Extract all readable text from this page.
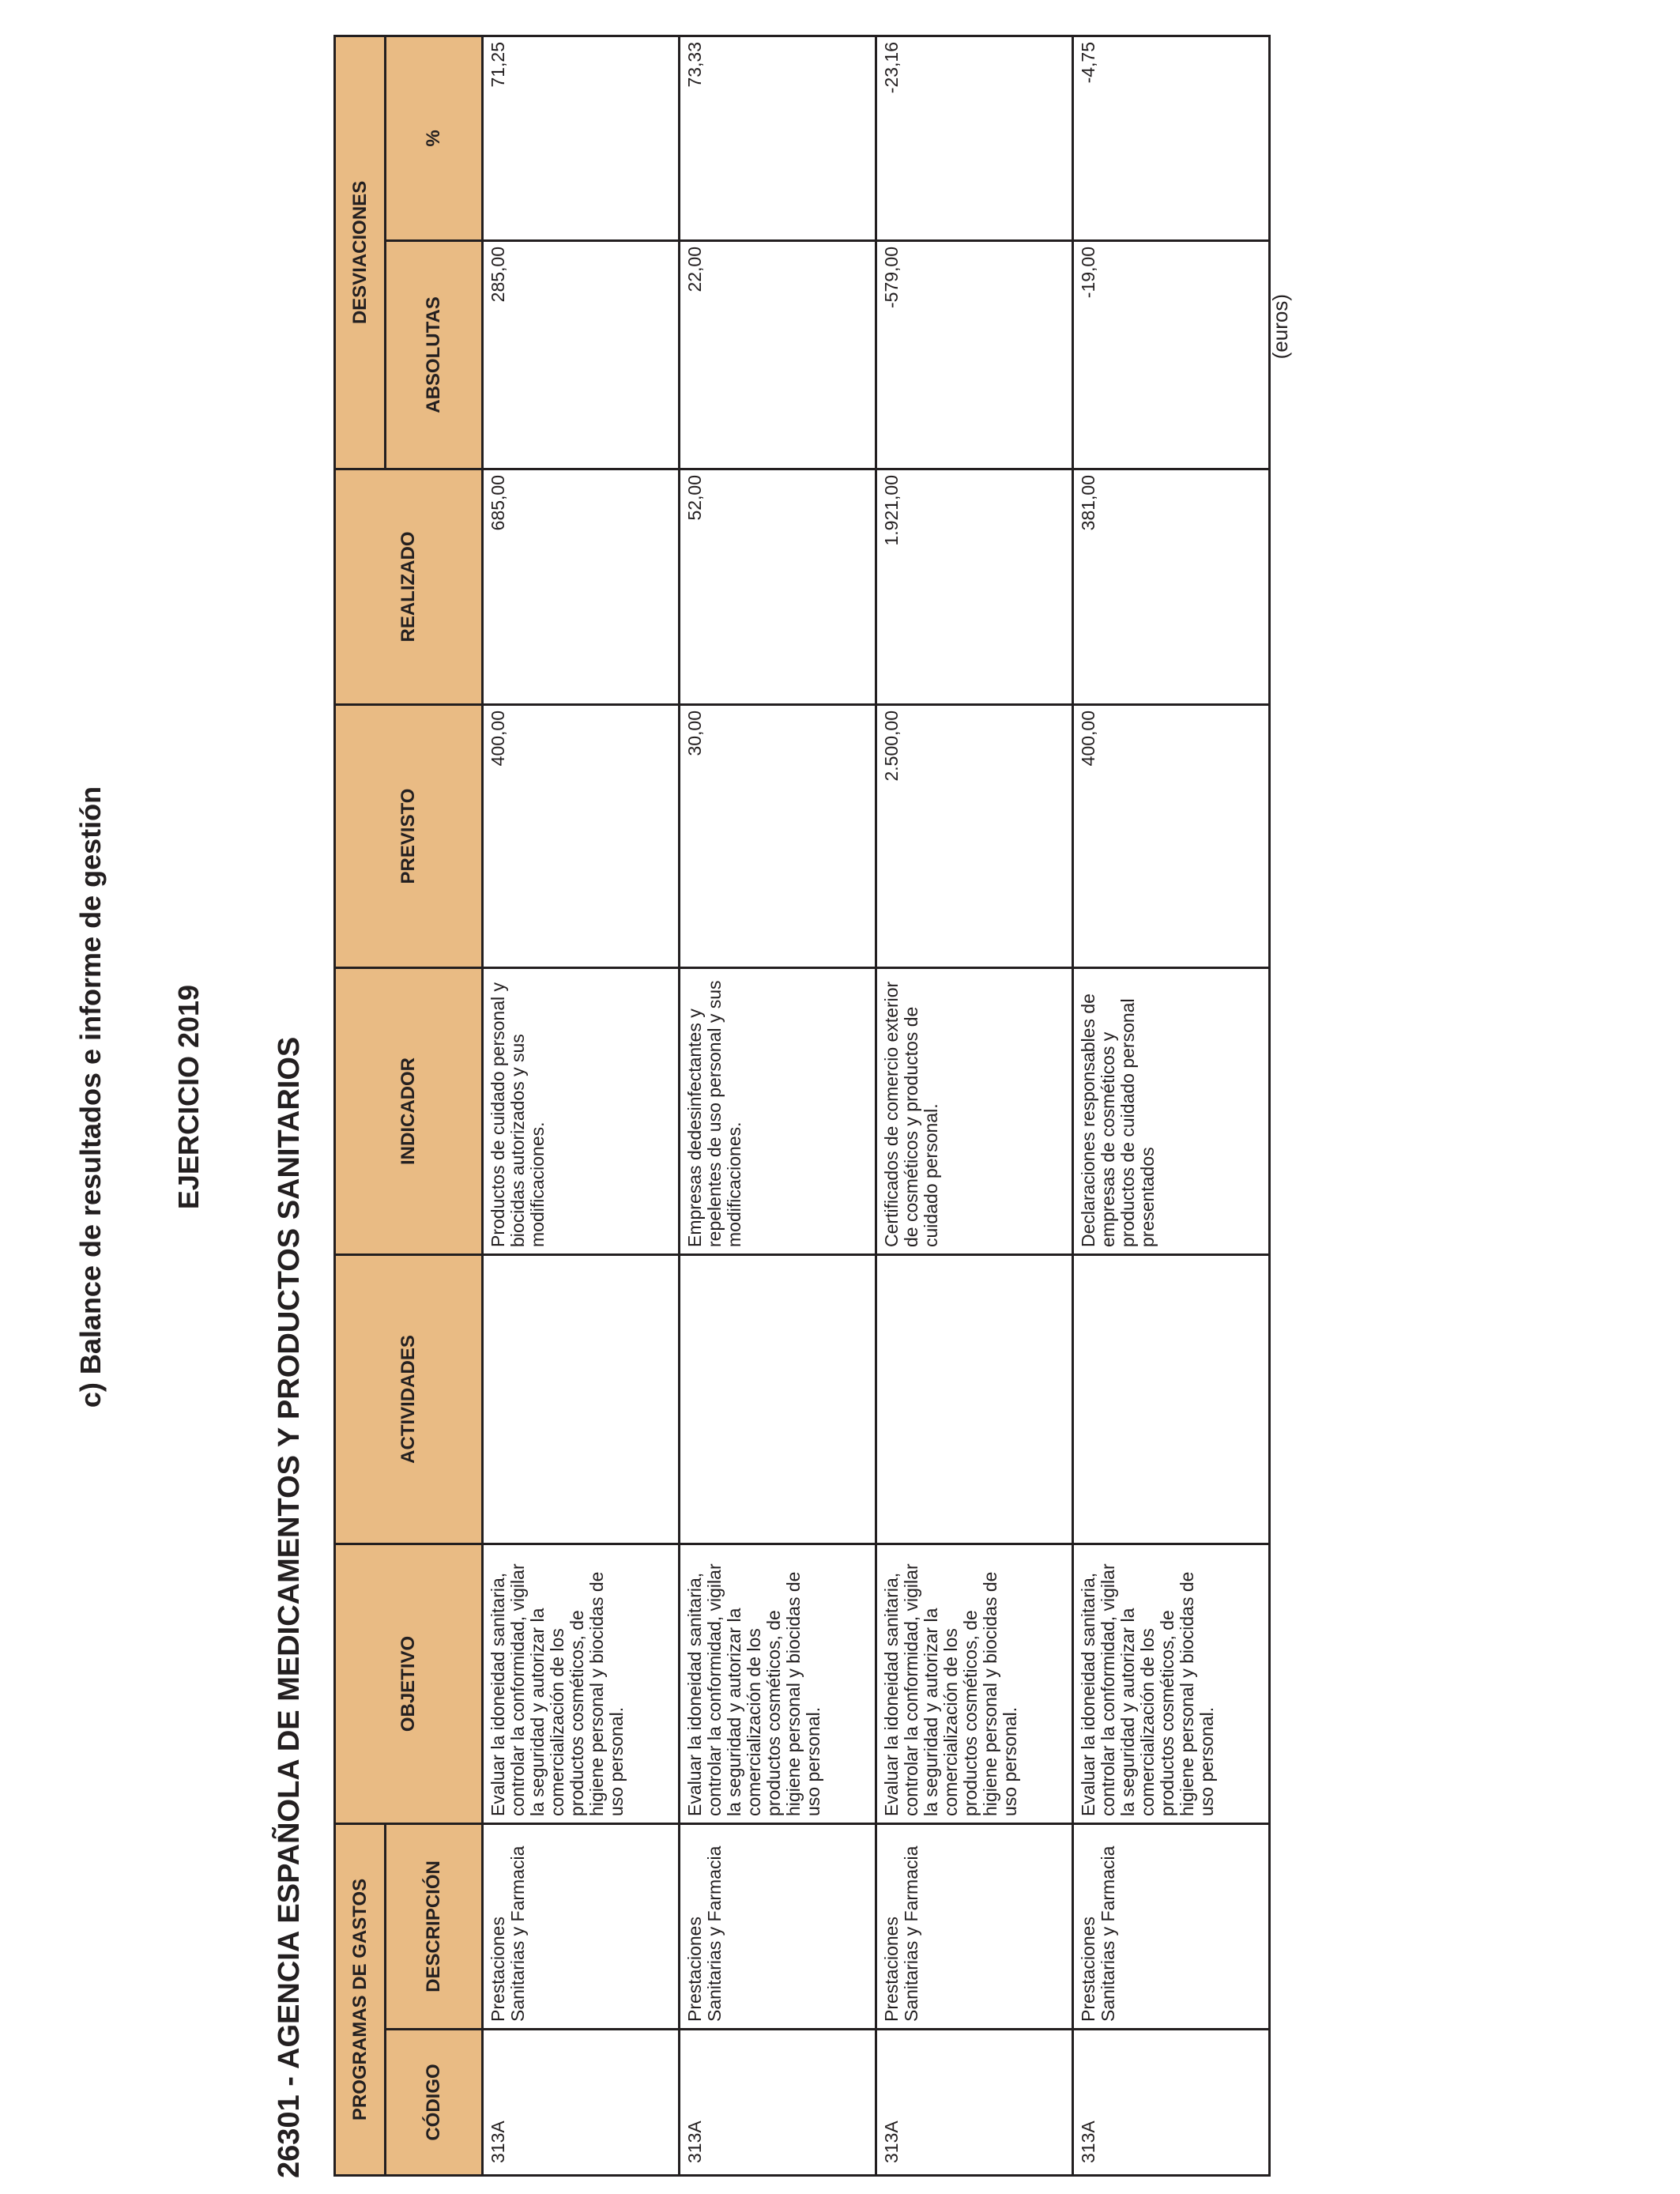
c) Balance de resultados e informe de gestión EJERCICIO 2019 26301 - AGENCIA ESPAÑOLA DE MEDICAMENTOS Y PRODUCTOS SANITARIOS
(euros)
PROGRAMAS DE GASTOS		OBJETIVO	ACTIVIDADES	INDICADOR	PREVISTO	REALIZADO	DESVIACIONES	
CÓDIGO	DESCRIPCIÓN						ABSOLUTAS	%
313A	Prestaciones Sanitarias y Farmacia	Evaluar la idoneidad sanitaria, controlar la conformidad, vigilar la seguridad y autorizar la comercialización de los productos cosméticos, de higiene personal y biocidas de uso personal.		Productos de cuidado personal y biocidas autorizados y sus modificaciones.	400,00	685,00	285,00	71,25
313A	Prestaciones Sanitarias y Farmacia	Evaluar la idoneidad sanitaria, controlar la conformidad, vigilar la seguridad y autorizar la comercialización de los productos cosméticos, de higiene personal y biocidas de uso personal.		Empresas dedesinfectantes y repelentes de uso personal y sus modificaciones.	30,00	52,00	22,00	73,33
313A	Prestaciones Sanitarias y Farmacia	Evaluar la idoneidad sanitaria, controlar la conformidad, vigilar la seguridad y autorizar la comercialización de los productos cosméticos, de higiene personal y biocidas de uso personal.		Certificados de comercio exterior de cosméticos y productos de cuidado personal.	2.500,00	1.921,00	-579,00	-23,16
313A	Prestaciones Sanitarias y Farmacia	Evaluar la idoneidad sanitaria, controlar la conformidad, vigilar la seguridad y autorizar la comercialización de los productos cosméticos, de higiene personal y biocidas de uso personal.		Declaraciones responsables de empresas de cosméticos y productos de cuidado personal presentados	400,00	381,00	-19,00	-4,75
